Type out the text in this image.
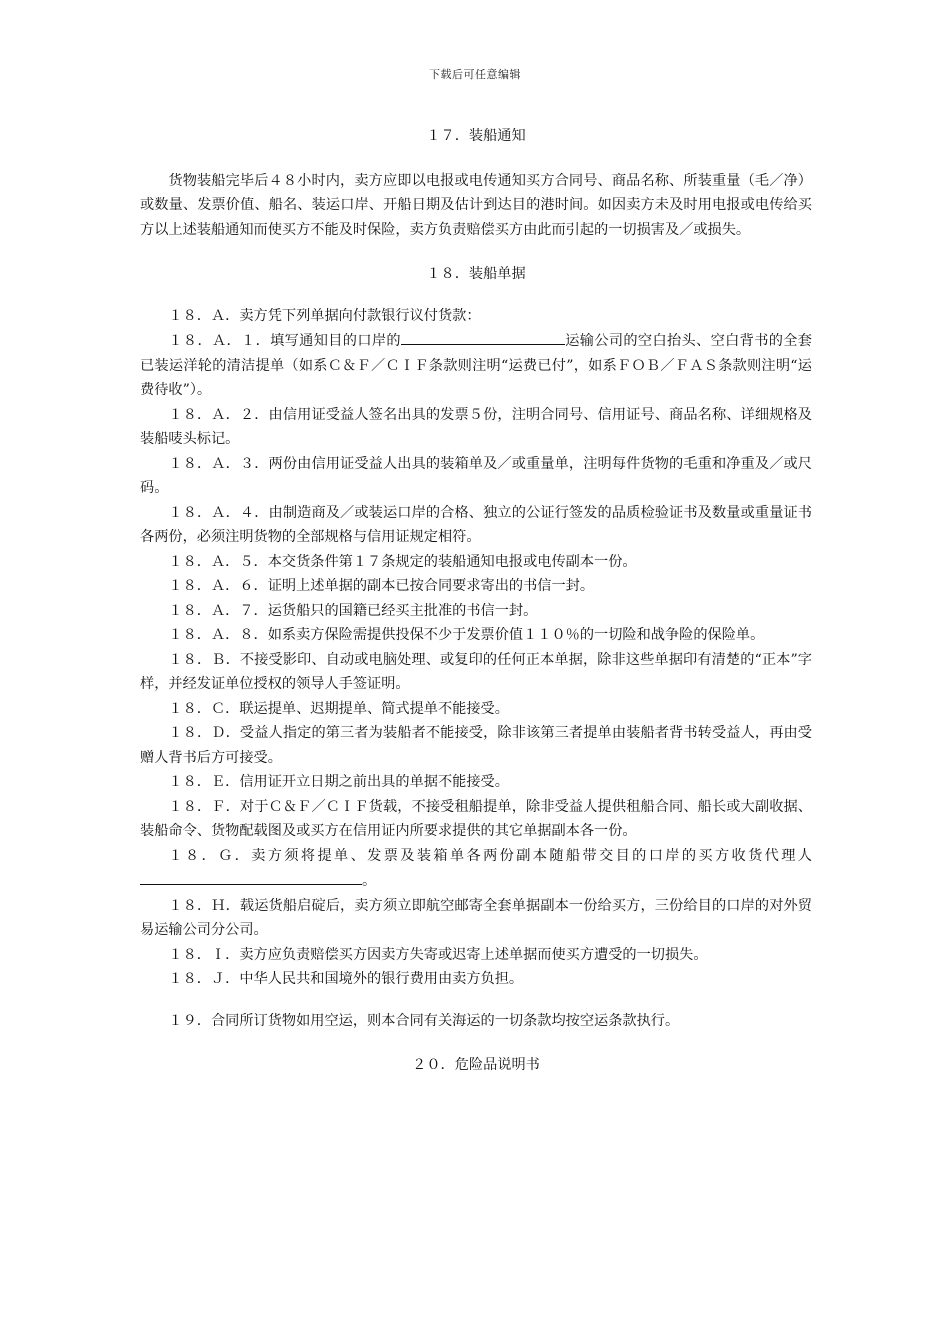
下载后可任意编辑

１７．装船通知

货物装船完毕后４８小时内，卖方应即以电报或电传通知买方合同号、商品名称、所装重量（毛／净）或数量、发票价值、船名、装运口岸、开船日期及估计到达目的港时间。如因卖方未及时用电报或电传给买方以上述装船通知而使买方不能及时保险，卖方负责赔偿买方由此而引起的一切损害及／或损失。

１８．装船单据

１８．Ａ．卖方凭下列单据向付款银行议付货款：

１８．Ａ．１．填写通知目的口岸的	运输公司的空白抬头、空白背书的全套已装运洋轮的清洁提单（如系Ｃ＆Ｆ／ＣＩＦ条款则注明“运费已付”，如系ＦＯＢ／ＦＡＳ条款则注明“运费待收”）。

１８．Ａ．２．由信用证受益人签名出具的发票５份，注明合同号、信用证号、商品名称、详细规格及装船唛头标记。

１８．Ａ．３．两份由信用证受益人出具的装箱单及／或重量单，注明每件货物的毛重和净重及／或尺码。

１８．Ａ．４．由制造商及／或装运口岸的合格、独立的公证行签发的品质检验证书及数量或重量证书各两份，必须注明货物的全部规格与信用证规定相符。

１８．Ａ．５．本交货条件第１７条规定的装船通知电报或电传副本一份。

１８．Ａ．６．证明上述单据的副本已按合同要求寄出的书信一封。

１８．Ａ．７．运货船只的国籍已经买主批准的书信一封。

１８．Ａ．８．如系卖方保险需提供投保不少于发票价值１１０％的一切险和战争险的保险单。

１８．Ｂ．不接受影印、自动或电脑处理、或复印的任何正本单据，除非这些单据印有清楚的“正本”字样，并经发证单位授权的领导人手签证明。

１８．Ｃ．联运提单、迟期提单、简式提单不能接受。

１８．Ｄ．受益人指定的第三者为装船者不能接受，除非该第三者提单由装船者背书转受益人，再由受赠人背书后方可接受。

１８．Ｅ．信用证开立日期之前出具的单据不能接受。

１８．Ｆ．对于Ｃ＆Ｆ／ＣＩＦ货载，不接受租船提单，除非受益人提供租船合同、船长或大副收据、装船命令、货物配载图及或买方在信用证内所要求提供的其它单据副本各一份。

１８．Ｇ．卖方须将提单、发票及装箱单各两份副本随船带交目的口岸的买方收货代理人。

１８．Ｈ．载运货船启碇后，卖方须立即航空邮寄全套单据副本一份给买方，三份给目的口岸的对外贸易运输公司分公司。

１８．Ｉ．卖方应负责赔偿买方因卖方失寄或迟寄上述单据而使买方遭受的一切损失。

１８．Ｊ．中华人民共和国境外的银行费用由卖方负担。

１９．合同所订货物如用空运，则本合同有关海运的一切条款均按空运条款执行。

２０．危险品说明书
